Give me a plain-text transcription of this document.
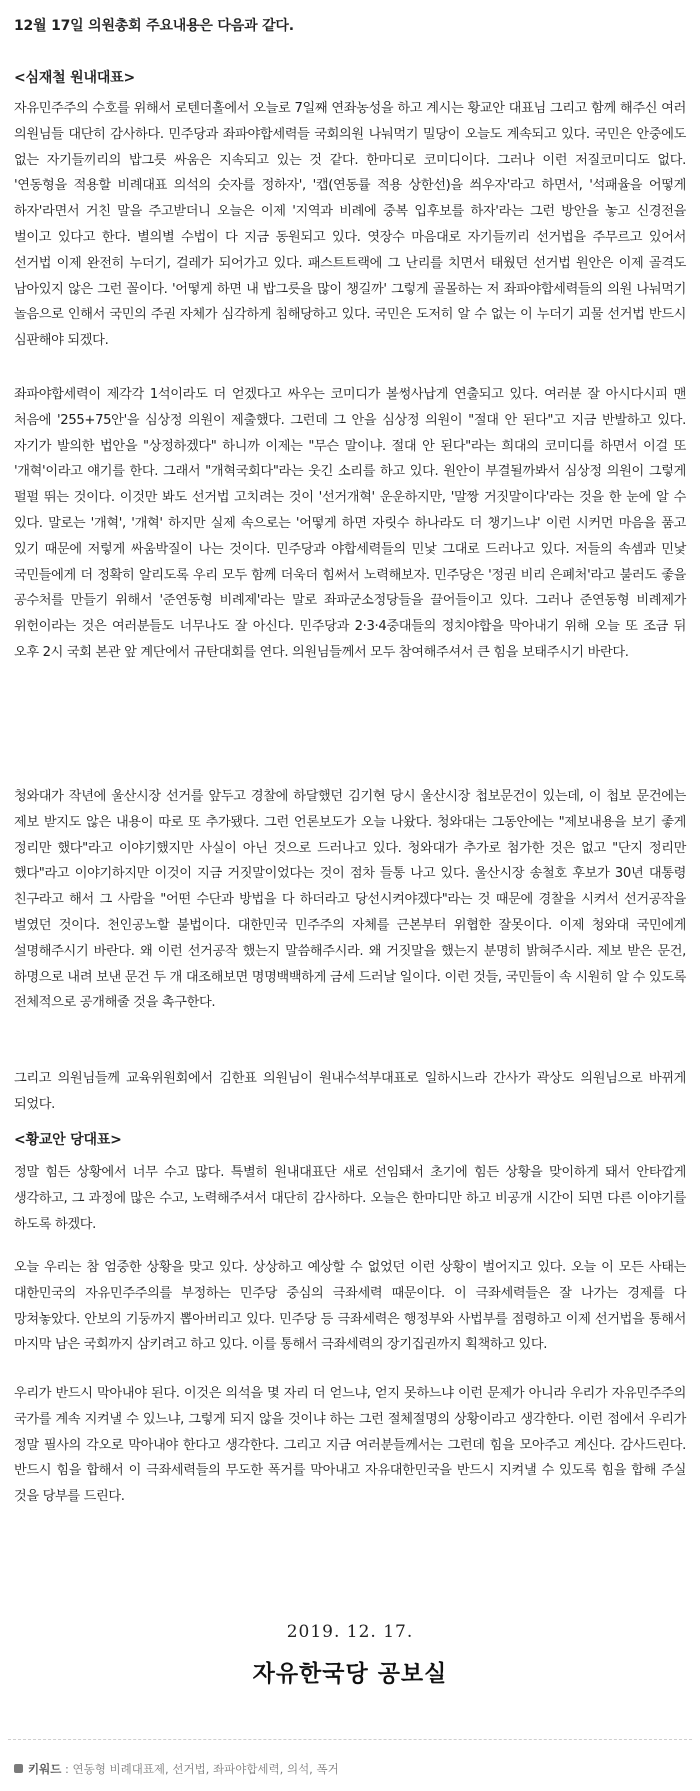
12월 17일 의원총회 주요내용은 다음과 같다.
<심재철 원내대표>

자유민주주의 수호를 위해서 로텐더홀에서 오늘로 7일째 연좌농성을 하고 계시는 황교안 대표님 그리고 함께 해주신 여러 의원님들 대단히 감사하다. 민주당과 좌파야합세력들 국회의원 나눠먹기 밀당이 오늘도 계속되고 있다. 국민은 안중에도 없는 자기들끼리의 밥그릇 싸움은 지속되고 있는 것 같다. 한마디로 코미디이다. 그러나 이런 저질코미디도 없다. '연동형을 적용할 비례대표 의석의 숫자를 정하자', '캡(연동률 적용 상한선)을 씌우자'라고 하면서, '석패율을 어떻게 하자'라면서 거친 말을 주고받더니 오늘은 이제 '지역과 비례에 중복 입후보를 하자'라는 그런 방안을 놓고 신경전을 벌이고 있다고 한다. 별의별 수법이 다 지금 동원되고 있다. 엿장수 마음대로 자기들끼리 선거법을 주무르고 있어서 선거법 이제 완전히 누더기, 걸레가 되어가고 있다. 패스트트랙에 그 난리를 치면서 태웠던 선거법 원안은 이제 골격도 남아있지 않은 그런 꼴이다. '어떻게 하면 내 밥그릇을 많이 챙길까' 그렇게 골몰하는 저 좌파야합세력들의 의원 나눠먹기 놀음으로 인해서 국민의 주권 자체가 심각하게 침해당하고 있다. 국민은 도저히 알 수 없는 이 누더기 괴물 선거법 반드시 심판해야 되겠다.

좌파야합세력이 제각각 1석이라도 더 얻겠다고 싸우는 코미디가 볼썽사납게 연출되고 있다. 여러분 잘 아시다시피 맨 처음에 '255+75안'을 심상정 의원이 제출했다. 그런데 그 안을 심상정 의원이 "절대 안 된다"고 지금 반발하고 있다. 자기가 발의한 법안을 "상정하겠다" 하니까 이제는 "무슨 말이냐. 절대 안 된다"라는 희대의 코미디를 하면서 이걸 또 '개혁'이라고 얘기를 한다. 그래서 "개혁국회다"라는 웃긴 소리를 하고 있다. 원안이 부결될까봐서 심상정 의원이 그렇게 펄펄 뛰는 것이다. 이것만 봐도 선거법 고치려는 것이 '선거개혁' 운운하지만, '말짱 거짓말이다'라는 것을 한 눈에 알 수 있다. 말로는 '개혁', '개혁' 하지만 실제 속으로는 '어떻게 하면 자릿수 하나라도 더 챙기느냐' 이런 시커먼 마음을 품고 있기 때문에 저렇게 싸움박질이 나는 것이다. 민주당과 야합세력들의 민낯 그대로 드러나고 있다. 저들의 속셈과 민낯 국민들에게 더 정확히 알리도록 우리 모두 함께 더욱더 힘써서 노력해보자. 민주당은 '정권 비리 은폐처'라고 불러도 좋을 공수처를 만들기 위해서 '준연동형 비례제'라는 말로 좌파군소정당들을 끌어들이고 있다. 그러나 준연동형 비례제가 위헌이라는 것은 여러분들도 너무나도 잘 아신다. 민주당과 2·3·4중대들의 정치야합을 막아내기 위해 오늘 또 조금 뒤 오후 2시 국회 본관 앞 계단에서 규탄대회를 연다. 의원님들께서 모두 참여해주셔서 큰 힘을 보태주시기 바란다.

청와대가 작년에 울산시장 선거를 앞두고 경찰에 하달했던 김기현 당시 울산시장 첩보문건이 있는데, 이 첩보 문건에는 제보 받지도 않은 내용이 따로 또 추가됐다. 그런 언론보도가 오늘 나왔다. 청와대는 그동안에는 "제보내용을 보기 좋게 정리만 했다"라고 이야기했지만 사실이 아닌 것으로 드러나고 있다. 청와대가 추가로 첨가한 것은 없고 "단지 정리만 했다"라고 이야기하지만 이것이 지금 거짓말이었다는 것이 점차 들통 나고 있다. 울산시장 송철호 후보가 30년 대통령 친구라고 해서 그 사람을 "어떤 수단과 방법을 다 하더라고 당선시켜야겠다"라는 것 때문에 경찰을 시켜서 선거공작을 벌였던 것이다. 천인공노할 불법이다. 대한민국 민주주의 자체를 근본부터 위협한 잘못이다. 이제 청와대 국민에게 설명해주시기 바란다. 왜 이런 선거공작 했는지 말씀해주시라. 왜 거짓말을 했는지 분명히 밝혀주시라. 제보 받은 문건, 하명으로 내려 보낸 문건 두 개 대조해보면 명명백백하게 금세 드러날 일이다. 이런 것들, 국민들이 속 시원히 알 수 있도록 전체적으로 공개해줄 것을 촉구한다.

그리고 의원님들께 교육위원회에서 김한표 의원님이 원내수석부대표로 일하시느라 간사가 곽상도 의원님으로 바뀌게 되었다.

<황교안 당대표>

정말 힘든 상황에서 너무 수고 많다. 특별히 원내대표단 새로 선임돼서 초기에 힘든 상황을 맞이하게 돼서 안타깝게 생각하고, 그 과정에 많은 수고, 노력해주셔서 대단히 감사하다. 오늘은 한마디만 하고 비공개 시간이 되면 다른 이야기를 하도록 하겠다.

오늘 우리는 참 엄중한 상황을 맞고 있다. 상상하고 예상할 수 없었던 이런 상황이 벌어지고 있다. 오늘 이 모든 사태는 대한민국의 자유민주주의를 부정하는 민주당 중심의 극좌세력 때문이다. 이 극좌세력들은 잘 나가는 경제를 다 망쳐놓았다. 안보의 기둥까지 뽑아버리고 있다. 민주당 등 극좌세력은 행정부와 사법부를 점령하고 이제 선거법을 통해서 마지막 남은 국회까지 삼키려고 하고 있다. 이를 통해서 극좌세력의 장기집권까지 획책하고 있다.

우리가 반드시 막아내야 된다. 이것은 의석을 몇 자리 더 얻느냐, 얻지 못하느냐 이런 문제가 아니라 우리가 자유민주주의 국가를 계속 지켜낼 수 있느냐, 그렇게 되지 않을 것이냐 하는 그런 절체절명의 상황이라고 생각한다. 이런 점에서 우리가 정말 필사의 각오로 막아내야 한다고 생각한다. 그리고 지금 여러분들께서는 그런데 힘을 모아주고 계신다. 감사드린다. 반드시 힘을 합해서 이 극좌세력들의 무도한 폭거를 막아내고 자유대한민국을 반드시 지켜낼 수 있도록 힘을 합해 주실 것을 당부를 드린다.

2019. 12. 17.
자유한국당 공보실
키워드 : 연동형 비례대표제, 선거법, 좌파야합세력, 의석, 폭거
